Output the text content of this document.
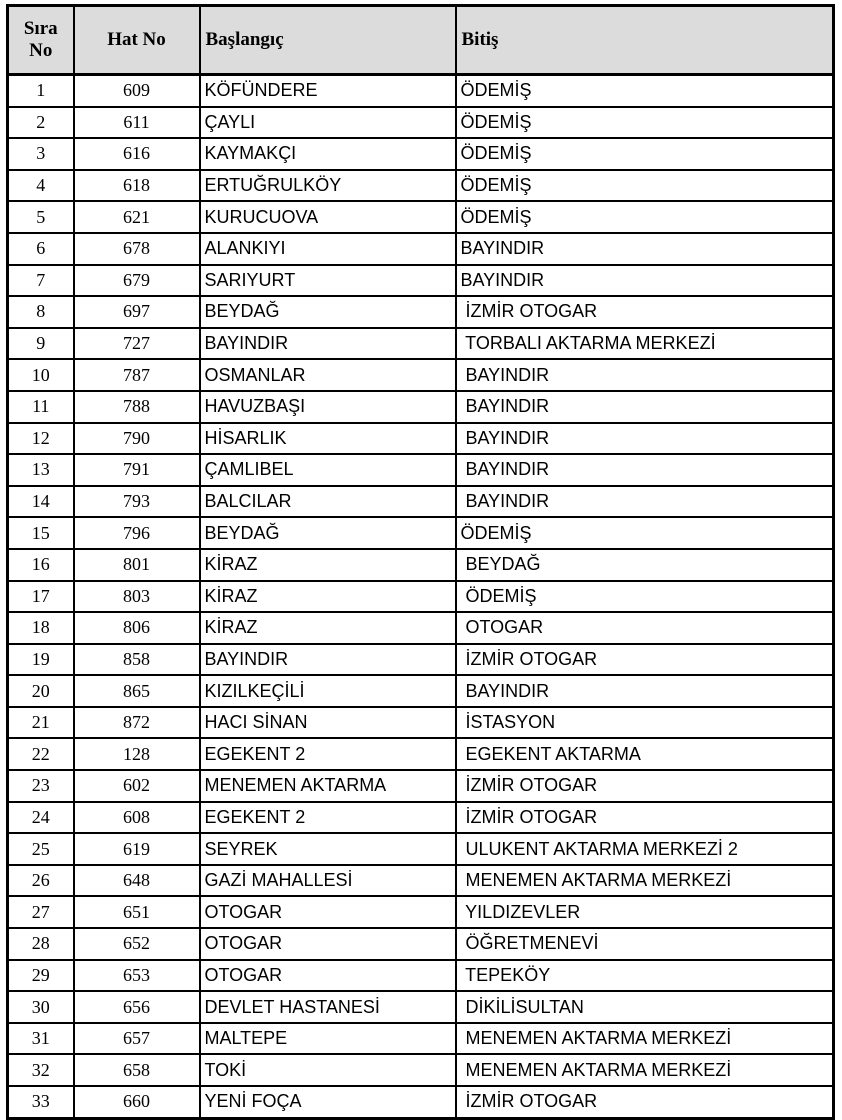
Sıra No	Hat No	Başlangıç	Bitiş
1	609	KÖFÜNDERE	ÖDEMİŞ
2	611	ÇAYLI	ÖDEMİŞ
3	616	KAYMAKÇI	ÖDEMİŞ
4	618	ERTUĞRULKÖY	ÖDEMİŞ
5	621	KURUCUOVA	ÖDEMİŞ
6	678	ALANKIYI	BAYINDIR
7	679	SARIYURT	BAYINDIR
8	697	BEYDAĞ	İZMİR OTOGAR
9	727	BAYINDIR	TORBALI AKTARMA MERKEZİ
10	787	OSMANLAR	BAYINDIR
11	788	HAVUZBAŞI	BAYINDIR
12	790	HİSARLIK	BAYINDIR
13	791	ÇAMLIBEL	BAYINDIR
14	793	BALCILAR	BAYINDIR
15	796	BEYDAĞ	ÖDEMİŞ
16	801	KİRAZ	BEYDAĞ
17	803	KİRAZ	ÖDEMİŞ
18	806	KİRAZ	OTOGAR
19	858	BAYINDIR	İZMİR OTOGAR
20	865	KIZILKEÇİLİ	BAYINDIR
21	872	HACI SİNAN	İSTASYON
22	128	EGEKENT 2	EGEKENT AKTARMA
23	602	MENEMEN AKTARMA	İZMİR OTOGAR
24	608	EGEKENT 2	İZMİR OTOGAR
25	619	SEYREK	ULUKENT AKTARMA MERKEZİ 2
26	648	GAZİ MAHALLESİ	MENEMEN AKTARMA MERKEZİ
27	651	OTOGAR	YILDIZEVLER
28	652	OTOGAR	ÖĞRETMENEVİ
29	653	OTOGAR	TEPEKÖY
30	656	DEVLET HASTANESİ	DİKİLİSULTAN
31	657	MALTEPE	MENEMEN AKTARMA MERKEZİ
32	658	TOKİ	MENEMEN AKTARMA MERKEZİ
33	660	YENİ FOÇA	İZMİR OTOGAR
